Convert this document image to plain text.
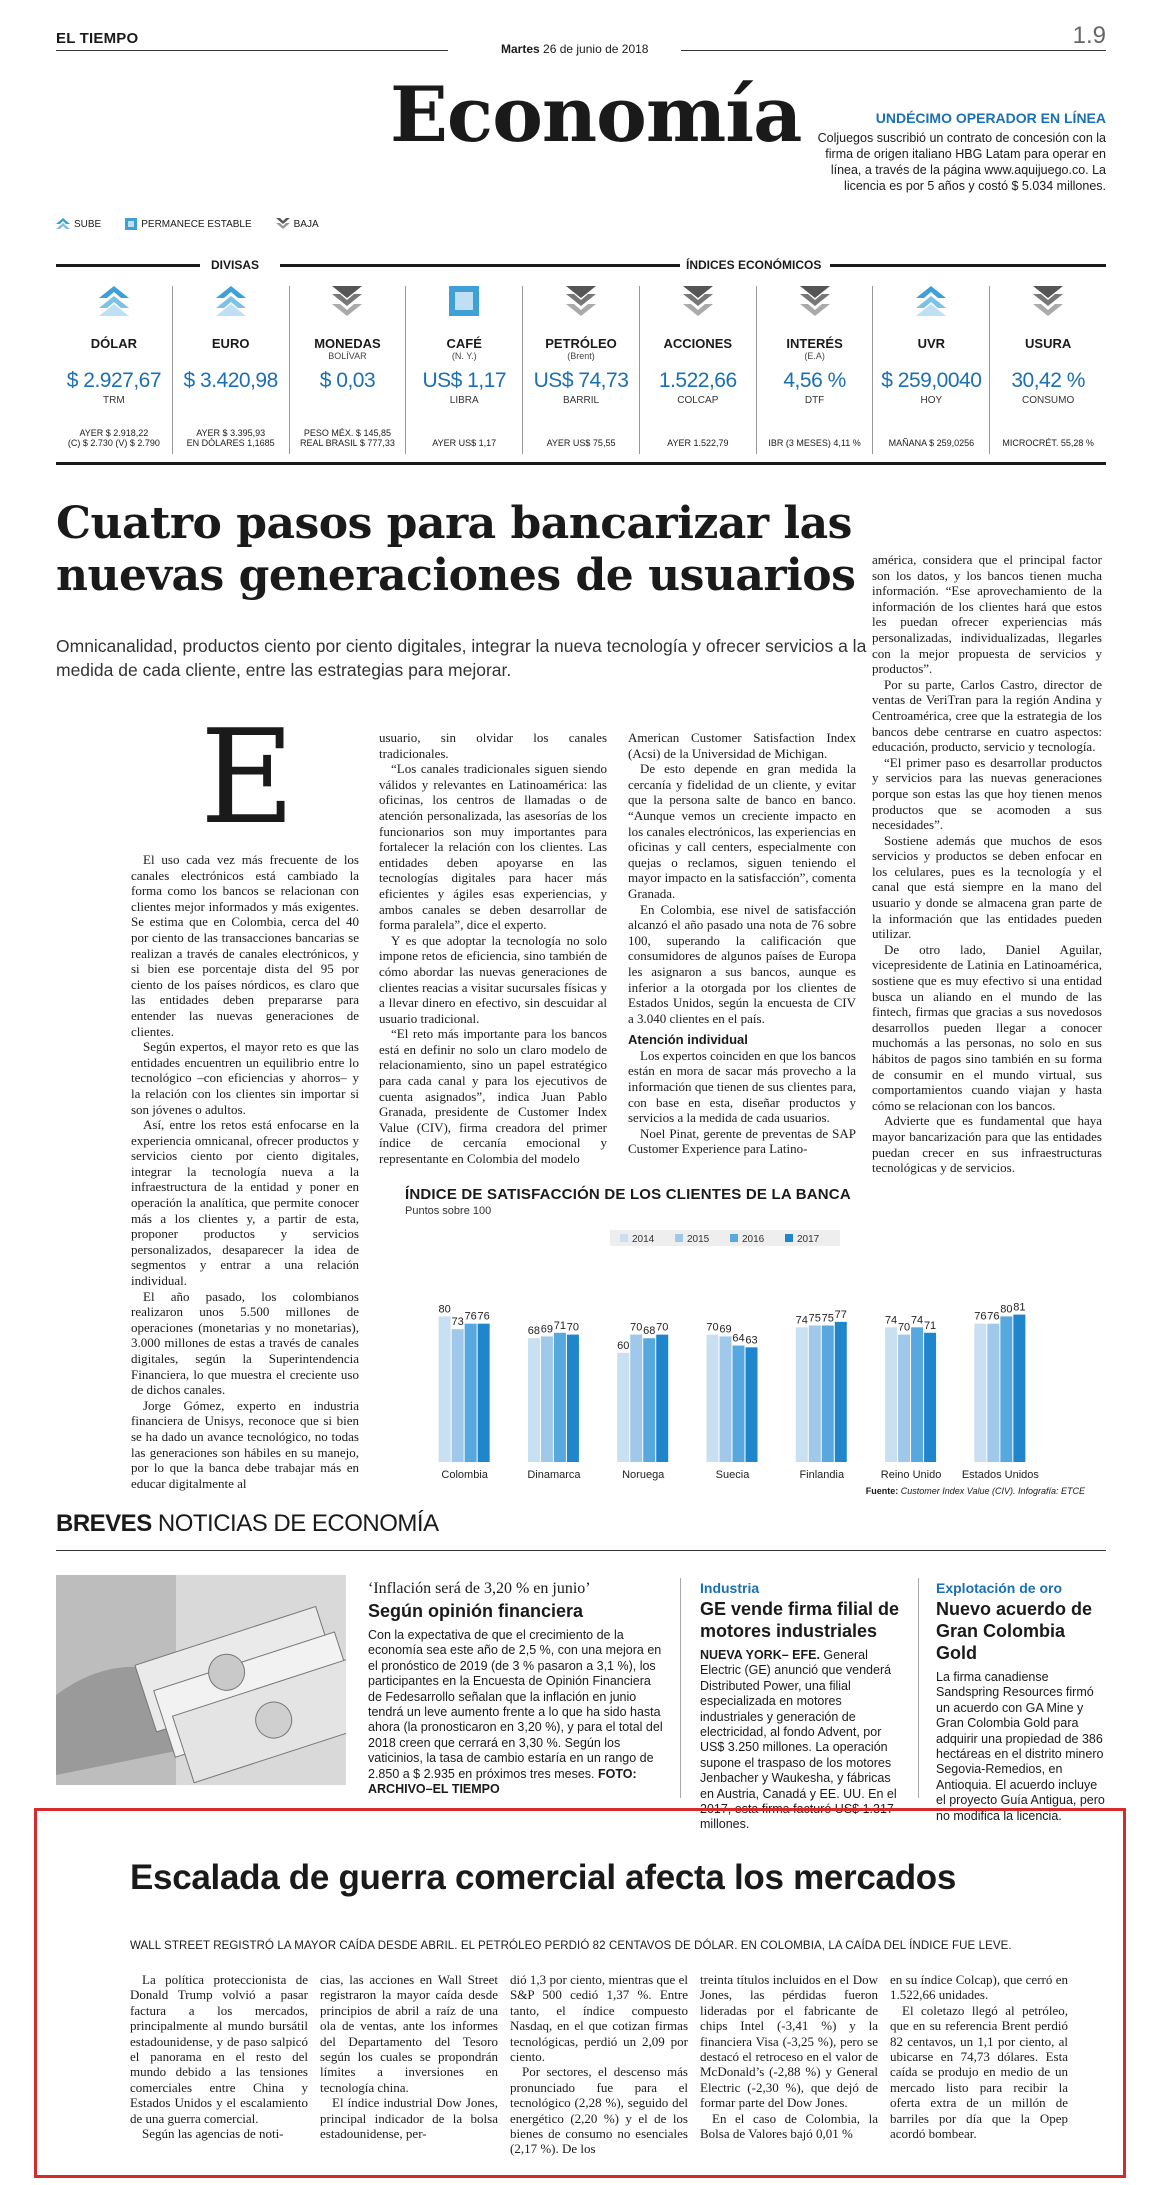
EL TIEMPO
Martes 26 de junio de 2018	1.9
Economía	UNDÉCIMO OPERADOR EN LÍNEA
Coljuegos suscribió un contrato de concesión con la firma de origen italiano HBG Latam para operar en línea, a través de la página www.aquijuego.co. La licencia es por 5 años y costó $ 5.034 millones.
SUBE	PERMANECE ESTABLE	BAJA
DIVISAS	ÍNDICES ECONÓMICOS
DÓLAR
$ 2.927,67
TRM
AYER $ 2.918,22
(C) $ 2.730 (V) $ 2.790
EURO
$ 3.420,98
AYER $ 3.395,93
EN DÓLARES 1,1685
MONEDAS
BOLÍVAR
$ 0,03
PESO MÉX. $ 145,85
REAL BRASIL $ 777,33
CAFÉ
(N. Y.)
US$ 1,17
LIBRA
AYER US$ 1,17
PETRÓLEO
(Brent)
US$ 74,73
BARRIL
AYER US$ 75,55
ACCIONES
1.522,66
COLCAP
AYER 1.522,79
INTERÉS
(E.A)
4,56 %
DTF
IBR (3 MESES) 4,11 %
UVR
$ 259,0040
HOY
MAÑANA $ 259,0256
USURA
30,42 %
CONSUMO
MICROCRÉT. 55,28 %
Cuatro pasos para bancarizar las nuevas generaciones de usuarios
Omnicanalidad, productos ciento por ciento digitales, integrar la nueva tecnología y ofrecer servicios a la medida de cada cliente, entre las estrategias para mejorar.
E

El uso cada vez más frecuente de los canales electrónicos está cambiado la forma como los bancos se relacionan con clientes mejor informados y más exigentes. Se estima que en Colombia, cerca del 40 por ciento de las transacciones bancarias se realizan a través de canales electrónicos, y si bien ese porcentaje dista del 95 por ciento de los países nórdicos, es claro que las entidades deben prepararse para entender las nuevas generaciones de clientes.

Según expertos, el mayor reto es que las entidades encuentren un equilibrio entre lo tecnológico –con eficiencias y ahorros– y la relación con los clientes sin importar si son jóvenes o adultos.

Así, entre los retos está enfocarse en la experiencia omnicanal, ofrecer productos y servicios ciento por ciento digitales, integrar la tecnología nueva a la infraestructura de la entidad y poner en operación la analítica, que permite conocer más a los clientes y, a partir de esta, proponer productos y servicios personalizados, desaparecer la idea de segmentos y entrar a una relación individual.

El año pasado, los colombianos realizaron unos 5.500 millones de operaciones (monetarias y no monetarias), 3.000 millones de estas a través de canales digitales, según la Superintendencia Financiera, lo que muestra el creciente uso de dichos canales.

Jorge Gómez, experto en industria financiera de Unisys, reconoce que si bien se ha dado un avance tecnológico, no todas las generaciones son hábiles en su manejo, por lo que la banca debe trabajar más en educar digitalmente al

usuario, sin olvidar los canales tradicionales.

“Los canales tradicionales siguen siendo válidos y relevantes en Latinoamérica: las oficinas, los centros de llamadas o de atención personalizada, las asesorías de los funcionarios son muy importantes para fortalecer la relación con los clientes. Las entidades deben apoyarse en las tecnologías digitales para hacer más eficientes y ágiles esas experiencias, y ambos canales se deben desarrollar de forma paralela”, dice el experto.

Y es que adoptar la tecnología no solo impone retos de eficiencia, sino también de cómo abordar las nuevas generaciones de clientes reacias a visitar sucursales físicas y a llevar dinero en efectivo, sin descuidar al usuario tradicional.

“El reto más importante para los bancos está en definir no solo un claro modelo de relacionamiento, sino un papel estratégico para cada canal y para los ejecutivos de cuenta asignados”, indica Juan Pablo Granada, presidente de Customer Index Value (CIV), firma creadora del primer índice de cercanía emocional y representante en Colombia del modelo

American Customer Satisfaction Index (Acsi) de la Universidad de Michigan.

De esto depende en gran medida la cercanía y fidelidad de un cliente, y evitar que la persona salte de banco en banco. “Aunque vemos un creciente impacto en los canales electrónicos, las experiencias en oficinas y call centers, especialmente con quejas o reclamos, siguen teniendo el mayor impacto en la satisfacción”, comenta Granada.

En Colombia, ese nivel de satisfacción alcanzó el año pasado una nota de 76 sobre 100, superando la calificación que consumidores de algunos países de Europa les asignaron a sus bancos, aunque es inferior a la otorgada por los clientes de Estados Unidos, según la encuesta de CIV a 3.040 clientes en el país.

Atención individual

Los expertos coinciden en que los bancos están en mora de sacar más provecho a la información que tienen de sus clientes para, con base en esta, diseñar productos y servicios a la medida de cada usuarios.

Noel Pinat, gerente de preventas de SAP Customer Experience para Latino-

américa, considera que el principal factor son los datos, y los bancos tienen mucha información. “Ese aprovechamiento de la información de los clientes hará que estos les puedan ofrecer experiencias más personalizadas, individualizadas, llegarles con la mejor propuesta de servicios y productos”.

Por su parte, Carlos Castro, director de ventas de VeriTran para la región Andina y Centroamérica, cree que la estrategia de los bancos debe centrarse en cuatro aspectos: educación, producto, servicio y tecnología.

“El primer paso es desarrollar productos y servicios para las nuevas generaciones porque son estas las que hoy tienen menos productos que se acomoden a sus necesidades”.

Sostiene además que muchos de esos servicios y productos se deben enfocar en los celulares, pues es la tecnología y el canal que está siempre en la mano del usuario y donde se almacena gran parte de la información que las entidades pueden utilizar.

De otro lado, Daniel Aguilar, vicepresidente de Latinia en Latinoamérica, sostiene que es muy efectivo si una entidad busca un aliando en el mundo de las fintech, firmas que gracias a sus novedosos desarrollos pueden llegar a conocer muchomás a las personas, no solo en sus hábitos de pagos sino también en su forma de consumir en el mundo virtual, sus comportamientos cuando viajan y hasta cómo se relacionan con los bancos.

Advierte que es fundamental que haya mayor bancarización para que las entidades puedan crecer en sus infraestructuras tecnológicas y de servicios.

ÍNDICE DE SATISFACCIÓN DE LOS CLIENTES DE LA BANCA
Puntos sobre 100
2014	2015	2016	2017
80
73 76 76
Colombia
68 69 71 70
Dinamarca
60
70 68 70
Noruega
70 69
64 63
Suecia
74 75 75 77
Finlandia
74
70
74 71
Reino Unido
76 76
80 81
Estados Unidos
Fuente: Customer Index Value (CIV). Infografía: ETCE
BREVES NOTICIAS DE ECONOMÍA
‘Inflación será de 3,20 % en junio’
Según opinión financiera
Con la expectativa de que el crecimiento de la economía sea este año de 2,5 %, con una mejora en el pronóstico de 2019 (de 3 % pasaron a 3,1 %), los participantes en la Encuesta de Opinión Financiera de Fedesarrollo señalan que la inflación en junio tendrá un leve aumento frente a lo que ha sido hasta ahora (la pronosticaron en 3,20 %), y para el total del 2018 creen que cerrará en 3,30 %. Según los vaticinios, la tasa de cambio estaría en un rango de 2.850 a $ 2.935 en próximos tres meses. FOTO: ARCHIVO–EL TIEMPO
Industria
GE vende firma filial de motores industriales
NUEVA YORK– EFE. General Electric (GE) anunció que venderá Distributed Power, una filial especializada en motores industriales y generación de electricidad, al fondo Advent, por US$ 3.250 millones. La operación supone el traspaso de los motores Jenbacher y Waukesha, y fábricas en Austria, Canadá y EE. UU. En el 2017, esta firma facturó US$ 1.317 millones.
Explotación de oro
Nuevo acuerdo de Gran Colombia Gold
La firma canadiense Sandspring Resources firmó un acuerdo con GA Mine y Gran Colombia Gold para adquirir una propiedad de 386 hectáreas en el distrito minero Segovia-Remedios, en Antioquia. El acuerdo incluye el proyecto Guía Antigua, pero no modifica la licencia.
Escalada de guerra comercial afecta los mercados
WALL STREET REGISTRÓ LA MAYOR CAÍDA DESDE ABRIL. EL PETRÓLEO PERDIÓ 82 CENTAVOS DE DÓLAR. EN COLOMBIA, LA CAÍDA DEL ÍNDICE FUE LEVE.

La política proteccionista de Donald Trump volvió a pasar factura a los mercados, principalmente al mundo bursátil estadounidense, y de paso salpicó el panorama en el resto del mundo debido a las tensiones comerciales entre China y Estados Unidos y el escalamiento de una guerra comercial.

Según las agencias de noti-

cias, las acciones en Wall Street registraron la mayor caída desde principios de abril a raíz de una ola de ventas, ante los informes del Departamento del Tesoro según los cuales se propondrán límites a inversiones en tecnología china.

El índice industrial Dow Jones, principal indicador de la bolsa estadounidense, per-

dió 1,3 por ciento, mientras que el S&P 500 cedió 1,37 %. Entre tanto, el índice compuesto Nasdaq, en el que cotizan firmas tecnológicas, perdió un 2,09 por ciento.

Por sectores, el descenso más pronunciado fue para el tecnológico (2,28 %), seguido del energético (2,20 %) y el de los bienes de consumo no esenciales (2,17 %). De los

treinta títulos incluidos en el Dow Jones, las pérdidas fueron lideradas por el fabricante de chips Intel (-3,41 %) y la financiera Visa (-3,25 %), pero se destacó el retroceso en el valor de McDonald’s (-2,88 %) y General Electric (-2,30 %), que dejó de formar parte del Dow Jones.

En el caso de Colombia, la Bolsa de Valores bajó 0,01 %

en su índice Colcap), que cerró en 1.522,66 unidades.

El coletazo llegó al petróleo, que en su referencia Brent perdió 82 centavos, un 1,1 por ciento, al ubicarse en 74,73 dólares. Esta caída se produjo en medio de un mercado listo para recibir la oferta extra de un millón de barriles por día que la Opep acordó bombear.
